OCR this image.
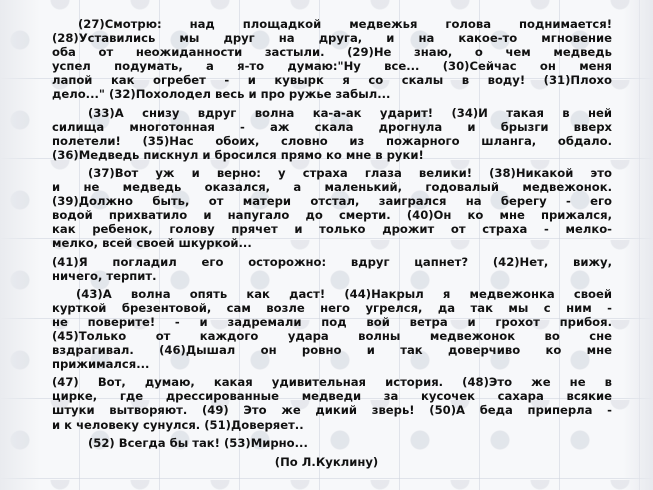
(27)Смотрю: над площадкой медвежья голова поднимается!
(28)Уставились мы друг на друга, и на какое-то мгновение
оба от неожиданности застыли. (29)Не знаю, о чем медведь
успел подумать, а я-то думаю:"Ну все... (30)Сейчас он меня
лапой как огребет - и кувырк я со скалы в воду! (31)Плохо
дело..." (32)Похолодел весь и про ружье забыл...
(33)А снизу вдруг волна ка-а-ак ударит! (34)И такая в ней
силища многотонная - аж скала дрогнула и брызги вверх
полетели! (35)Нас обоих, словно из пожарного шланга, обдало.
(36)Медведь пискнул и бросился прямо ко мне в руки!
(37)Вот уж и верно: у страха глаза велики! (38)Никакой это
и не медведь оказался, а маленький, годовалый медвежонок.
(39)Должно быть, от матери отстал, заигрался на берегу - его
водой прихватило и напугало до смерти. (40)Он ко мне прижался,
как ребенок, голову прячет и только дрожит от страха - мелко-
мелко, всей своей шкуркой...
(41)Я погладил его осторожно: вдруг цапнет? (42)Нет, вижу,
ничего, терпит.
(43)А волна опять как даст! (44)Накрыл я медвежонка своей
курткой брезентовой, сам возле него угрелся, да так мы с ним -
не поверите! - и задремали под вой ветра и грохот прибоя.
(45)Только от каждого удара волны медвежонок во сне
вздрагивал. (46)Дышал он ровно и так доверчиво ко мне
прижимался...
(47) Вот, думаю, какая удивительная история. (48)Это же не в
цирке, где дрессированные медведи за кусочек сахара всякие
штуки вытворяют. (49) Это же дикий зверь! (50)А беда приперла -
и к человеку сунулся. (51)Доверяет..
(52) Всегда бы так! (53)Мирно...
(По Л.Куклину)
